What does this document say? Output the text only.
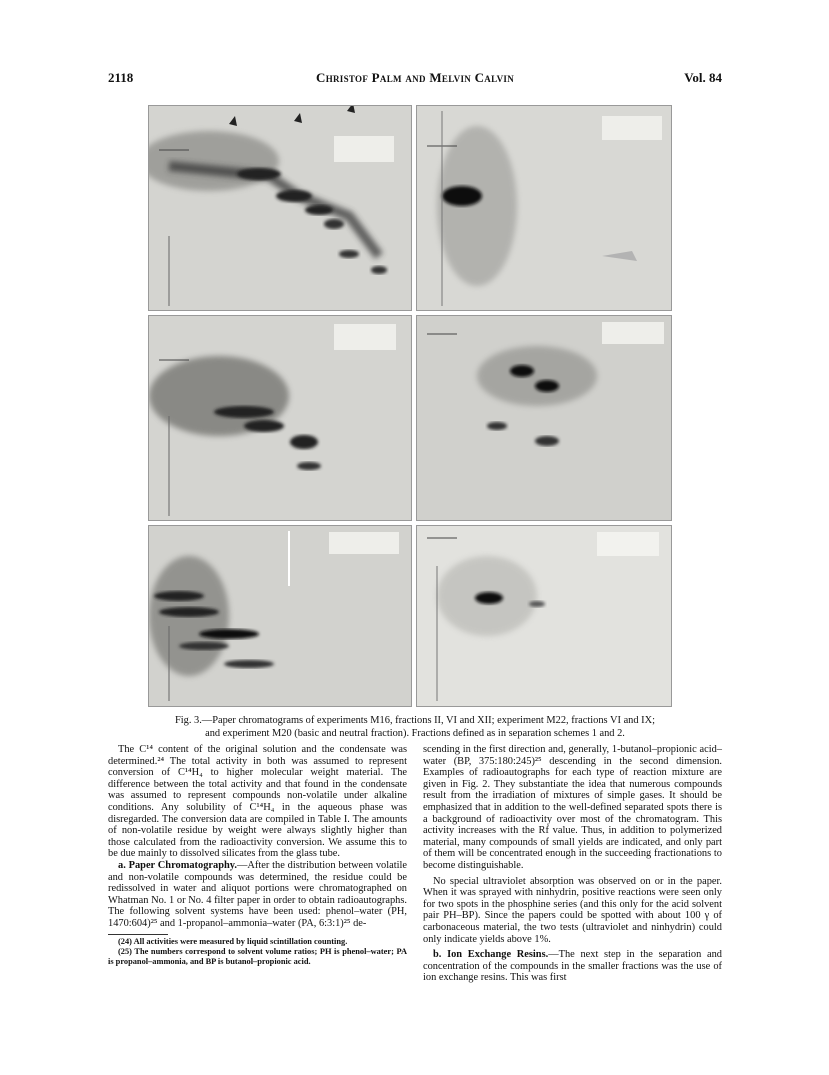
2118	Christof Palm and Melvin Calvin	Vol. 84
Fig. 3.—Paper chromatograms of experiments M16, fractions II, VI and XII; experiment M22, fractions VI and IX;
and experiment M20 (basic and neutral fraction). Fractions defined as in separation schemes 1 and 2.

The C¹⁴ content of the original solution and the condensate was determined.²⁴ The total activity in both was assumed to represent conversion of C¹⁴H₄ to higher molecular weight material. The difference between the total activity and that found in the condensate was assumed to represent compounds non-volatile under alkaline conditions. Any solubility of C¹⁴H₄ in the aqueous phase was disregarded. The conversion data are compiled in Table I. The amounts of non-volatile residue by weight were always slightly higher than those calculated from the radioactivity conversion. We assume this to be due mainly to dissolved silicates from the glass tube.

a. Paper Chromatography.—After the distribution between volatile and non-volatile compounds was determined, the residue could be redissolved in water and aliquot portions were chromatographed on Whatman No. 1 or No. 4 filter paper in order to obtain radioautographs. The following solvent systems have been used: phenol–water (PH, 1470:604)²⁵ and 1-propanol–ammonia–water (PA, 6:3:1)²⁵ de-

(24) All activities were measured by liquid scintillation counting.

(25) The numbers correspond to solvent volume ratios; PH is phenol–water; PA is propanol–ammonia, and BP is butanol–propionic acid.

scending in the first direction and, generally, 1-butanol–propionic acid–water (BP, 375:180:245)²⁵ descending in the second dimension. Examples of radioautographs for each type of reaction mixture are given in Fig. 2. They substantiate the idea that numerous compounds result from the irradiation of mixtures of simple gases. It should be emphasized that in addition to the well-defined separated spots there is a background of radioactivity over most of the chromatogram. This activity increases with the Rf value. Thus, in addition to polymerized material, many compounds of small yields are indicated, and only part of them will be concentrated enough in the succeeding fractionations to become distinguishable.

No special ultraviolet absorption was observed on or in the paper. When it was sprayed with ninhydrin, positive reactions were seen only for two spots in the phosphine series (and this only for the acid solvent pair PH–BP). Since the papers could be spotted with about 100 γ of carbonaceous material, the two tests (ultraviolet and ninhydrin) could only indicate yields above 1%.

b. Ion Exchange Resins.—The next step in the separation and concentration of the compounds in the smaller fractions was the use of ion exchange resins. This was first
